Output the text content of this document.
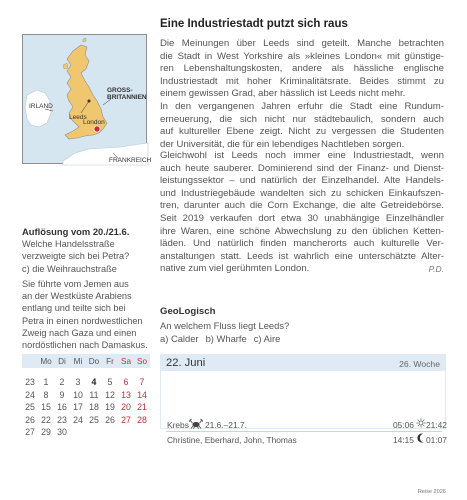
GROSS-
BRITANNIEN
IRLAND
FRANKREICH
Leeds
London
Eine Industriestadt putzt sich raus
Die Meinungen über Leeds sind geteilt. Manche betrachten
die Stadt in West Yorkshire als »kleines London« mit günstige-
ren Lebenshaltungskosten, andere als hässliche englische
Industriestadt mit hoher Kriminalitätsrate. Beides stimmt zu
einem gewissen Grad, aber hässlich ist Leeds nicht mehr.
In den vergangenen Jahren erfuhr die Stadt eine Rundum-
erneuerung, die sich nicht nur städtebaulich, sondern auch
auf kultureller Ebene zeigt. Nicht zu vergessen die Studenten
der Universität, die für ein lebendiges Nachtleben sorgen.
Gleichwohl ist Leeds noch immer eine Industriestadt, wenn
auch heute sauberer. Dominierend sind der Finanz- und Dienst-
leistungssektor – und natürlich der Einzelhandel. Alte Handels-
und Industriegebäude wandelten sich zu schicken Einkaufszen-
tren, darunter auch die Corn Exchange, die alte Getreidebörse.
Seit 2019 verkaufen dort etwa 30 unabhängige Einzelhändler
ihre Waren, eine schöne Abwechslung zu den üblichen Ketten-
läden. Und natürlich finden mancherorts auch kulturelle Ver-
anstaltungen statt. Leeds ist wahrlich eine unterschätzte Alter-
native zum viel gerühmten London.	P.D.
Auflösung vom 20./21.6.
Welche Handelsstraße
verzweigte sich bei Petra?
c) die Weihrauchstraße
Sie führte vom Jemen aus
an der Westküste Arabiens
entlang und teilte sich bei
Petra in einen nordwestlichen
Zweig nach Gaza und einen
nordöstlichen nach Damaskus.
GeoLogisch
An welchem Fluss liegt Leeds?
a) Calder b) Wharfe c) Aire
Mo Di Mi Do Fr Sa So
23 1	2	3	4	5	6	7
24 8	9 10 11 12 13 14
25 15 16 17 18 19 20 21
26 22 23 24 25 26 27 28
27 29 30
22. Juni	26. Woche
Krebs 21.6.–21.7.	05:06 21:42
Christine, Eberhard, John, Thomas	14:15 01:07
Reise 2026
